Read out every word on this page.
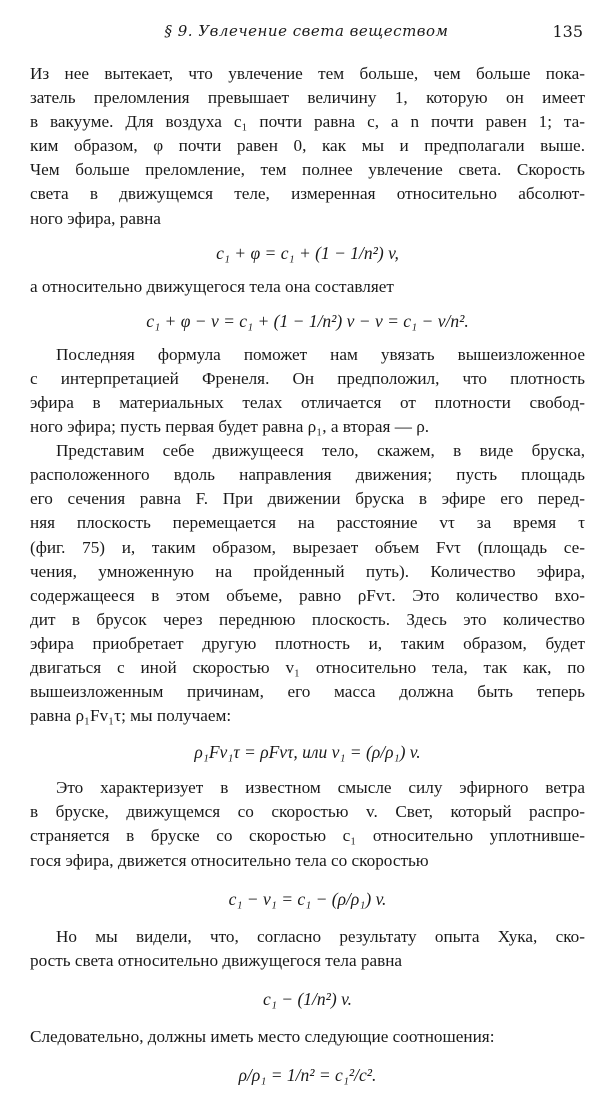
§ 9. Увлечение света веществом	135
Из нее вытекает, что увлечение тем больше, чем больше пока-
затель преломления превышает величину 1, которую он имеет
в вакууме. Для воздуха c₁ почти равна c, а n почти равен 1; та-
ким образом, φ почти равен 0, как мы и предполагали выше.
Чем больше преломление, тем полнее увлечение света. Скорость
света в движущемся теле, измеренная относительно абсолют-
ного эфира, равна
c₁ + φ = c₁ + (1 − 1/n²) v,
а относительно движущегося тела она составляет
c₁ + φ − v = c₁ + (1 − 1/n²) v − v = c₁ − v/n².
Последняя формула поможет нам увязать вышеизложенное
с интерпретацией Френеля. Он предположил, что плотность
эфира в материальных телах отличается от плотности свобод-
ного эфира; пусть первая будет равна ρ₁, а вторая — ρ.
Представим себе движущееся тело, скажем, в виде бруска,
расположенного вдоль направления движения; пусть площадь
его сечения равна F. При движении бруска в эфире его перед-
няя плоскость перемещается на расстояние vτ за время τ
(фиг. 75) и, таким образом, вырезает объем Fvτ (площадь се-
чения, умноженную на пройденный путь). Количество эфира,
содержащееся в этом объеме, равно ρFvτ. Это количество вхо-
дит в брусок через переднюю плоскость. Здесь это количество
эфира приобретает другую плотность и, таким образом, будет
двигаться с иной скоростью v₁ относительно тела, так как, по
вышеизложенным причинам, его масса должна быть теперь
равна ρ₁Fv₁τ; мы получаем:
ρ₁Fv₁τ = ρFvτ, или v₁ = (ρ/ρ₁) v.
Это характеризует в известном смысле силу эфирного ветра
в бруске, движущемся со скоростью v. Свет, который распро-
страняется в бруске со скоростью c₁ относительно уплотнивше-
гося эфира, движется относительно тела со скоростью
c₁ − v₁ = c₁ − (ρ/ρ₁) v.
Но мы видели, что, согласно результату опыта Хука, ско-
рость света относительно движущегося тела равна
c₁ − (1/n²) v.
Следовательно, должны иметь место следующие соотношения:
ρ/ρ₁ = 1/n² = c₁²/c².
